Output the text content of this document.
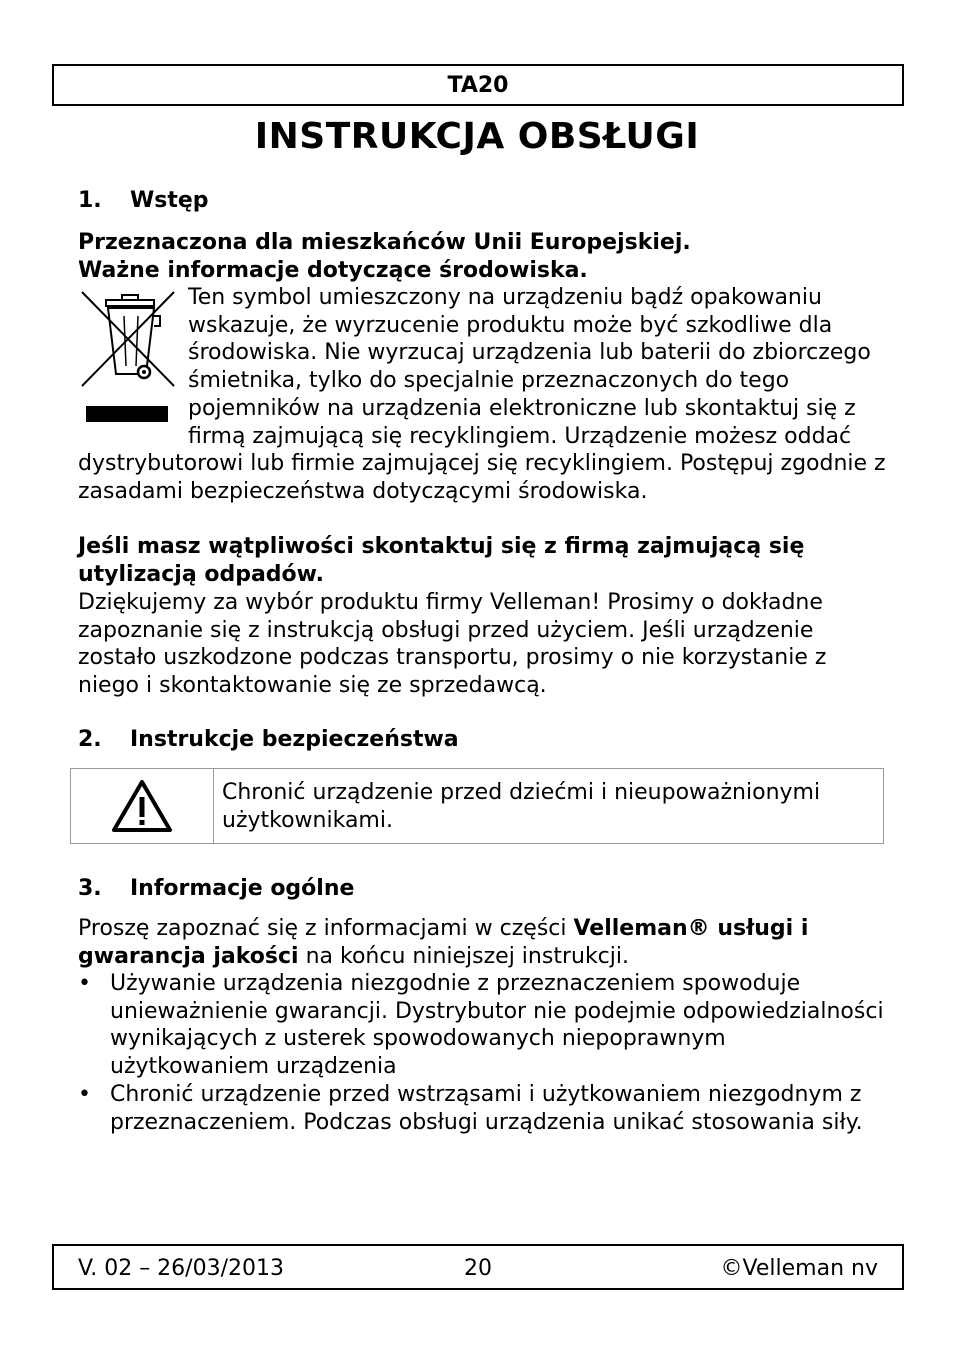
TA20
INSTRUKCJA OBSŁUGI
1. Wstęp
Przeznaczona dla mieszkańców Unii Europejskiej.
Ważne informacje dotyczące środowiska.
Ten symbol umieszczony na urządzeniu bądź opakowaniu wskazuje, że wyrzucenie produktu może być szkodliwe dla środowiska. Nie wyrzucaj urządzenia lub baterii do zbiorczego śmietnika, tylko do specjalnie przeznaczonych do tego pojemników na urządzenia elektroniczne lub skontaktuj się z firmą zajmującą się recyklingiem. Urządzenie możesz oddać dystrybutorowi lub firmie zajmującej się recyklingiem. Postępuj zgodnie z zasadami bezpieczeństwa dotyczącymi środowiska.
Jeśli masz wątpliwości skontaktuj się z firmą zajmującą się utylizacją odpadów.
Dziękujemy za wybór produktu firmy Velleman! Prosimy o dokładne zapoznanie się z instrukcją obsługi przed użyciem. Jeśli urządzenie zostało uszkodzone podczas transportu, prosimy o nie korzystanie z niego i skontaktowanie się ze sprzedawcą.
2. Instrukcje bezpieczeństwa
Chronić urządzenie przed dziećmi i nieupoważnionymi użytkownikami.
3. Informacje ogólne
Proszę zapoznać się z informacjami w części Velleman® usługi i gwarancja jakości na końcu niniejszej instrukcji.
• Używanie urządzenia niezgodnie z przeznaczeniem spowoduje unieważnienie gwarancji. Dystrybutor nie podejmie odpowiedzialności wynikających z usterek spowodowanych niepoprawnym użytkowaniem urządzenia
• Chronić urządzenie przed wstrząsami i użytkowaniem niezgodnym z przeznaczeniem. Podczas obsługi urządzenia unikać stosowania siły.
20
V. 02 – 26/03/2013	©Velleman nv
